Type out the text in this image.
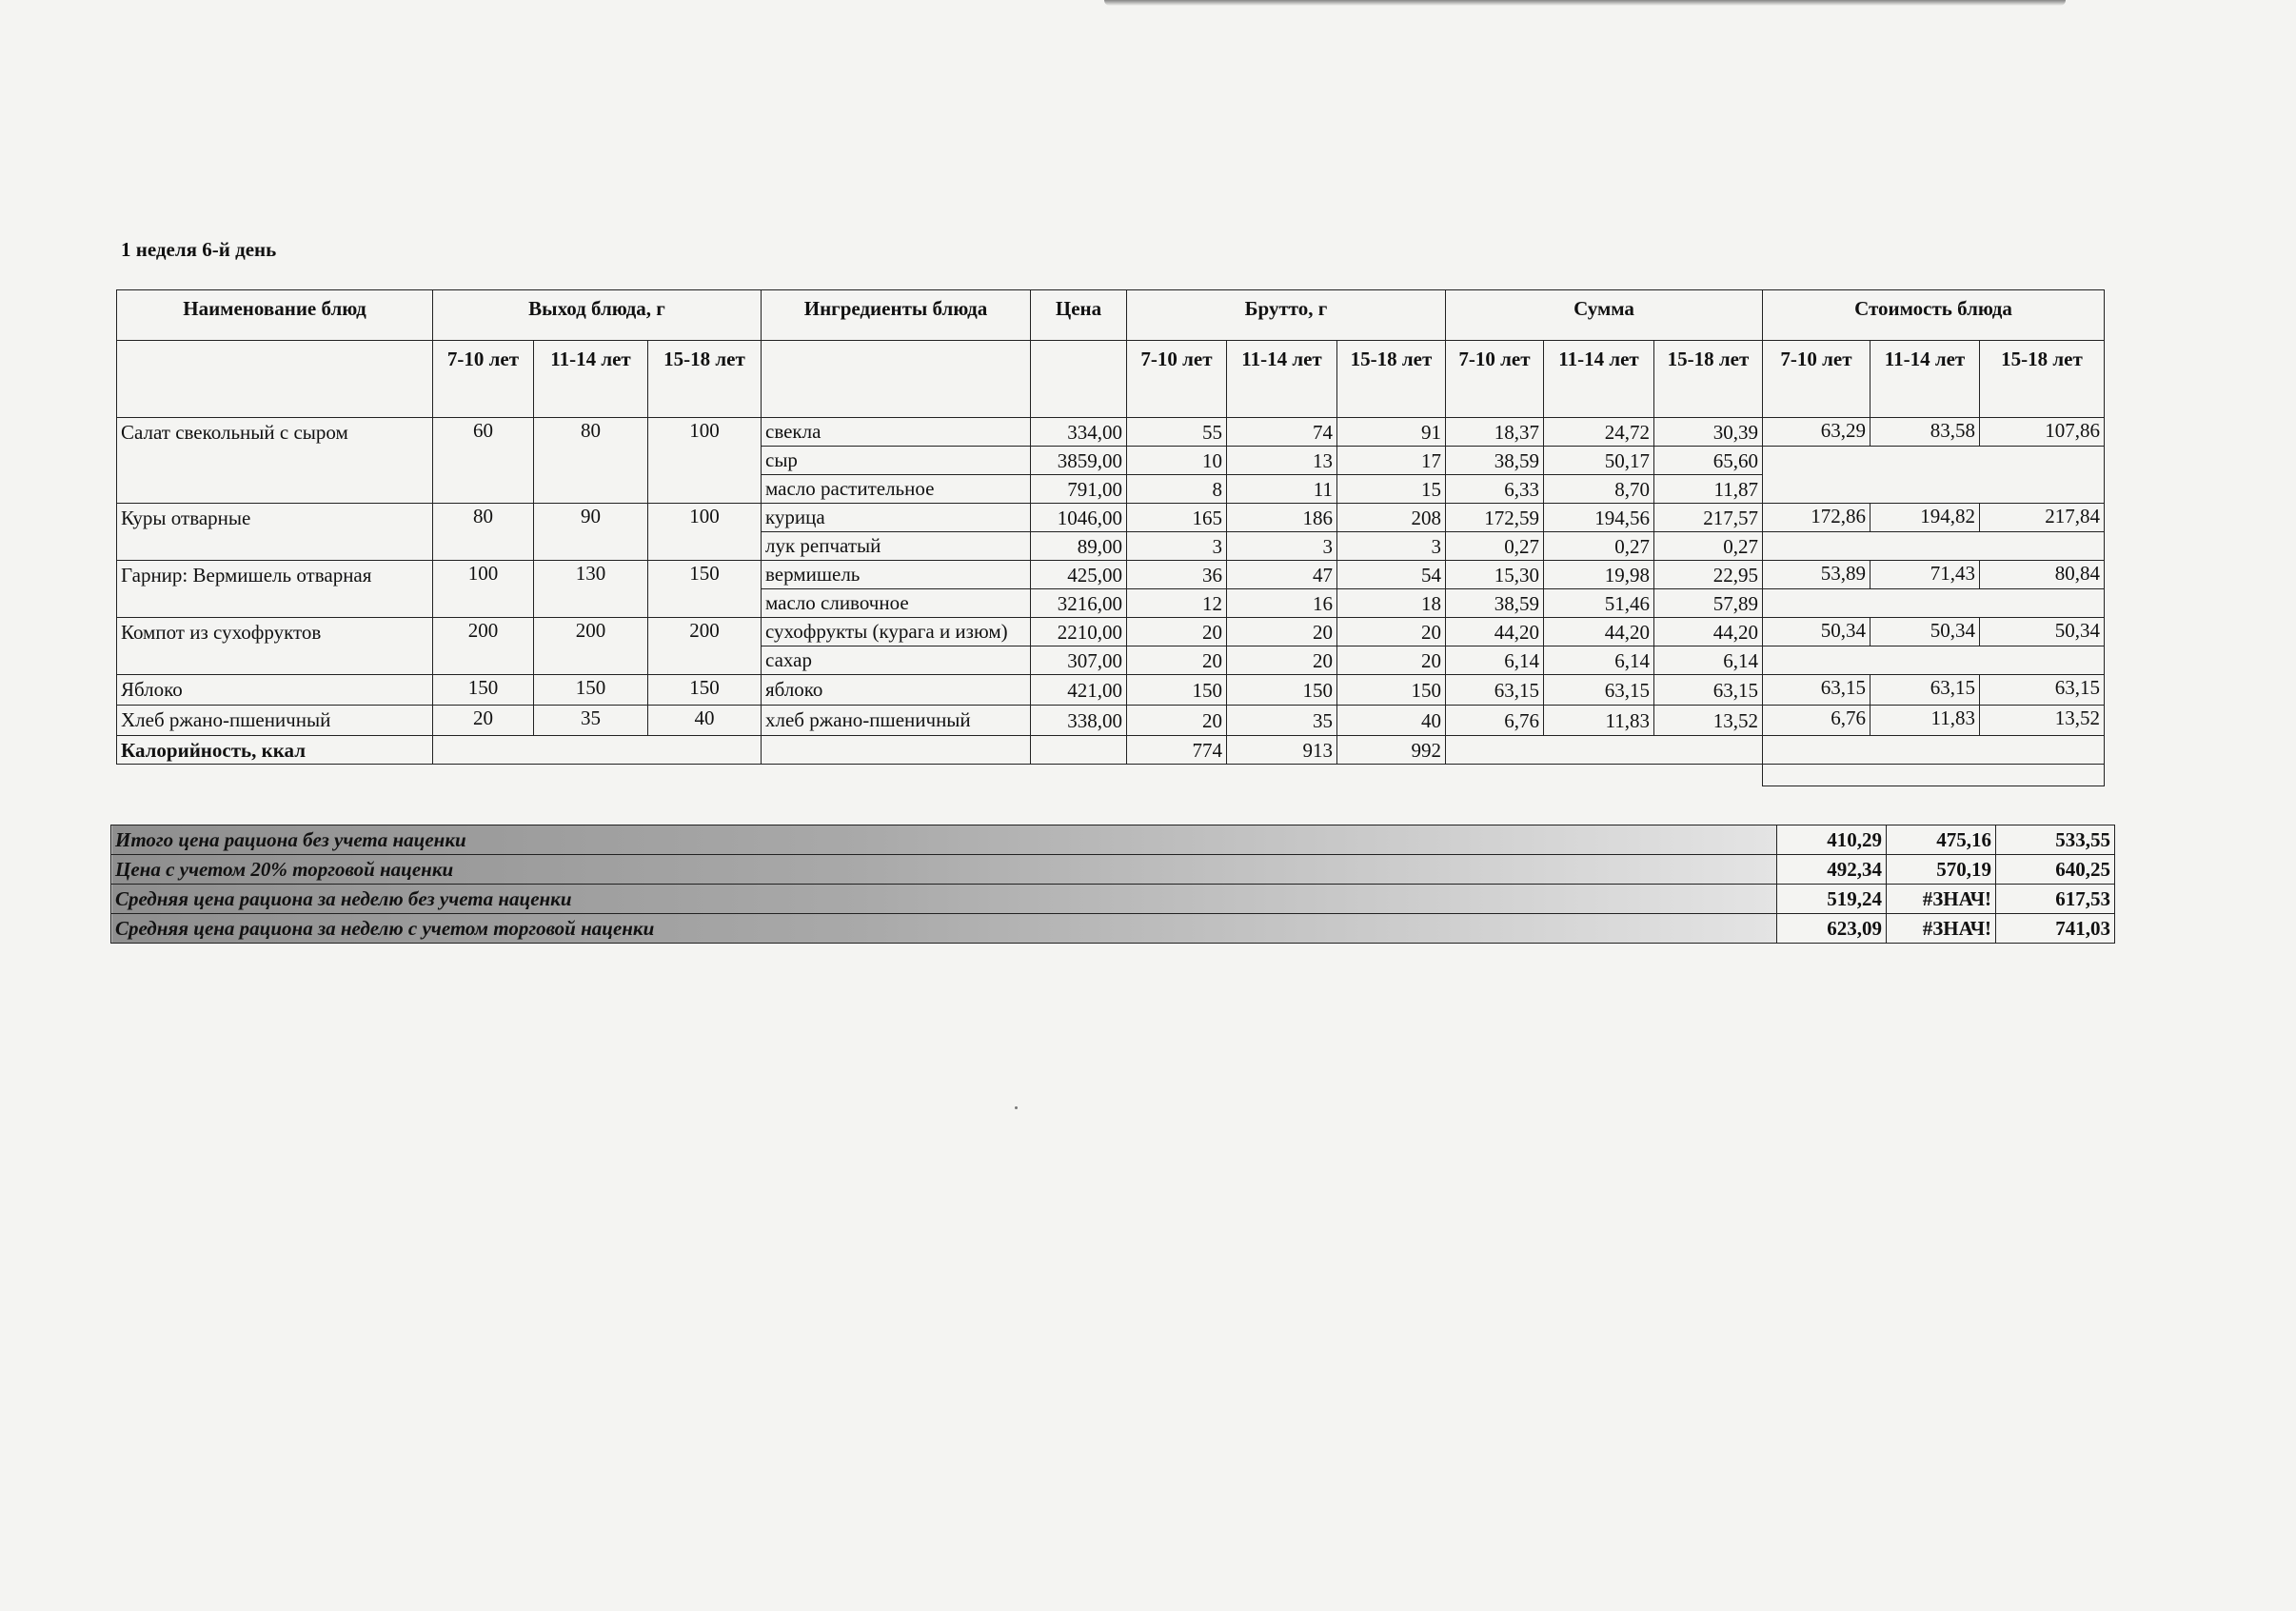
1 неделя 6-й день
Наименование блюд	Выход блюда, г			Ингредиенты блюда	Цена	Брутто, г			Сумма			Стоимость блюда		
	7-10 лет	11-14 лет	15-18 лет			7-10 лет	11-14 лет	15-18 лет	7-10 лет	11-14 лет	15-18 лет	7-10 лет	11-14 лет	15-18 лет
Салат свекольный с сыром	60	80	100	свекла	334,00	55	74	91	18,37	24,72	30,39	63,29	83,58	107,86
				сыр	3859,00	10	13	17	38,59	50,17	65,60			
				масло растительное	791,00	8	11	15	6,33	8,70	11,87			
Куры отварные	80	90	100	курица	1046,00	165	186	208	172,59	194,56	217,57	172,86	194,82	217,84
				лук репчатый	89,00	3	3	3	0,27	0,27	0,27			
Гарнир: Вермишель отварная	100	130	150	вермишель	425,00	36	47	54	15,30	19,98	22,95	53,89	71,43	80,84
				масло сливочное	3216,00	12	16	18	38,59	51,46	57,89			
Компот из сухофруктов	200	200	200	сухофрукты (курага и изюм)	2210,00	20	20	20	44,20	44,20	44,20	50,34	50,34	50,34
				сахар	307,00	20	20	20	6,14	6,14	6,14			
Яблоко	150	150	150	яблоко	421,00	150	150	150	63,15	63,15	63,15	63,15	63,15	63,15
Хлеб ржано-пшеничный	20	35	40	хлеб ржано-пшеничный	338,00	20	35	40	6,76	11,83	13,52	6,76	11,83	13,52
Калорийность, ккал						774	913	992						

Итого цена рациона без учета наценки	410,29	475,16	533,55
Цена с учетом 20% торговой наценки	492,34	570,19	640,25
Средняя цена рациона за неделю без учета наценки	519,24	#ЗНАЧ!	617,53
Средняя цена рациона за неделю с учетом торговой наценки	623,09	#ЗНАЧ!	741,03
